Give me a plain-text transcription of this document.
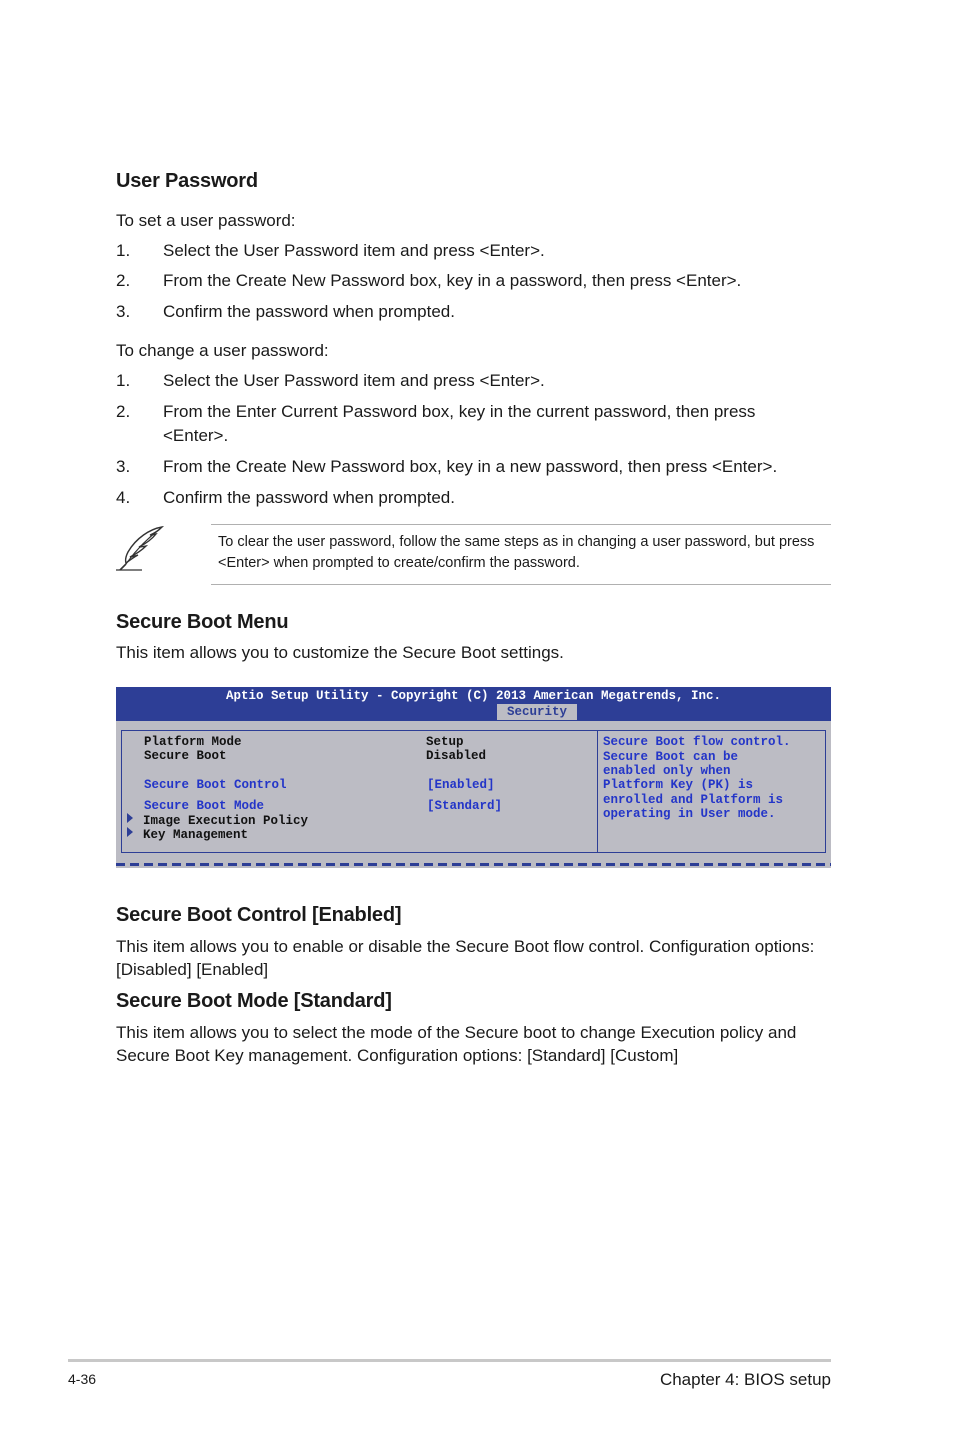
User Password
To set a user password:
1. Select the User Password item and press <Enter>.
2. From the Create New Password box, key in a password, then press <Enter>.
3. Confirm the password when prompted.
To change a user password:
1. Select the User Password item and press <Enter>.
2. From the Enter Current Password box, key in the current password, then press <Enter>.
3. From the Create New Password box, key in a new password, then press <Enter>.
4. Confirm the password when prompted.
To clear the user password, follow the same steps as in changing a user password, but press <Enter> when prompted to create/confirm the password.
Secure Boot Menu
This item allows you to customize the Secure Boot settings.
Aptio Setup Utility - Copyright (C) 2013 American Megatrends, Inc.
Security
Platform Mode	Setup
Secure Boot	Disabled
Secure Boot Control	[Enabled]
Secure Boot Mode	[Standard]
Image Execution Policy
Key Management
Secure Boot flow control.
Secure Boot can be
enabled only when
Platform Key (PK) is
enrolled and Platform is
operating in User mode.
Secure Boot Control [Enabled]
This item allows you to enable or disable the Secure Boot flow control. Configuration options:
[Disabled] [Enabled]
Secure Boot Mode [Standard]
This item allows you to select the mode of the Secure boot to change Execution policy and
Secure Boot Key management. Configuration options: [Standard] [Custom]
4-36	Chapter 4: BIOS setup
